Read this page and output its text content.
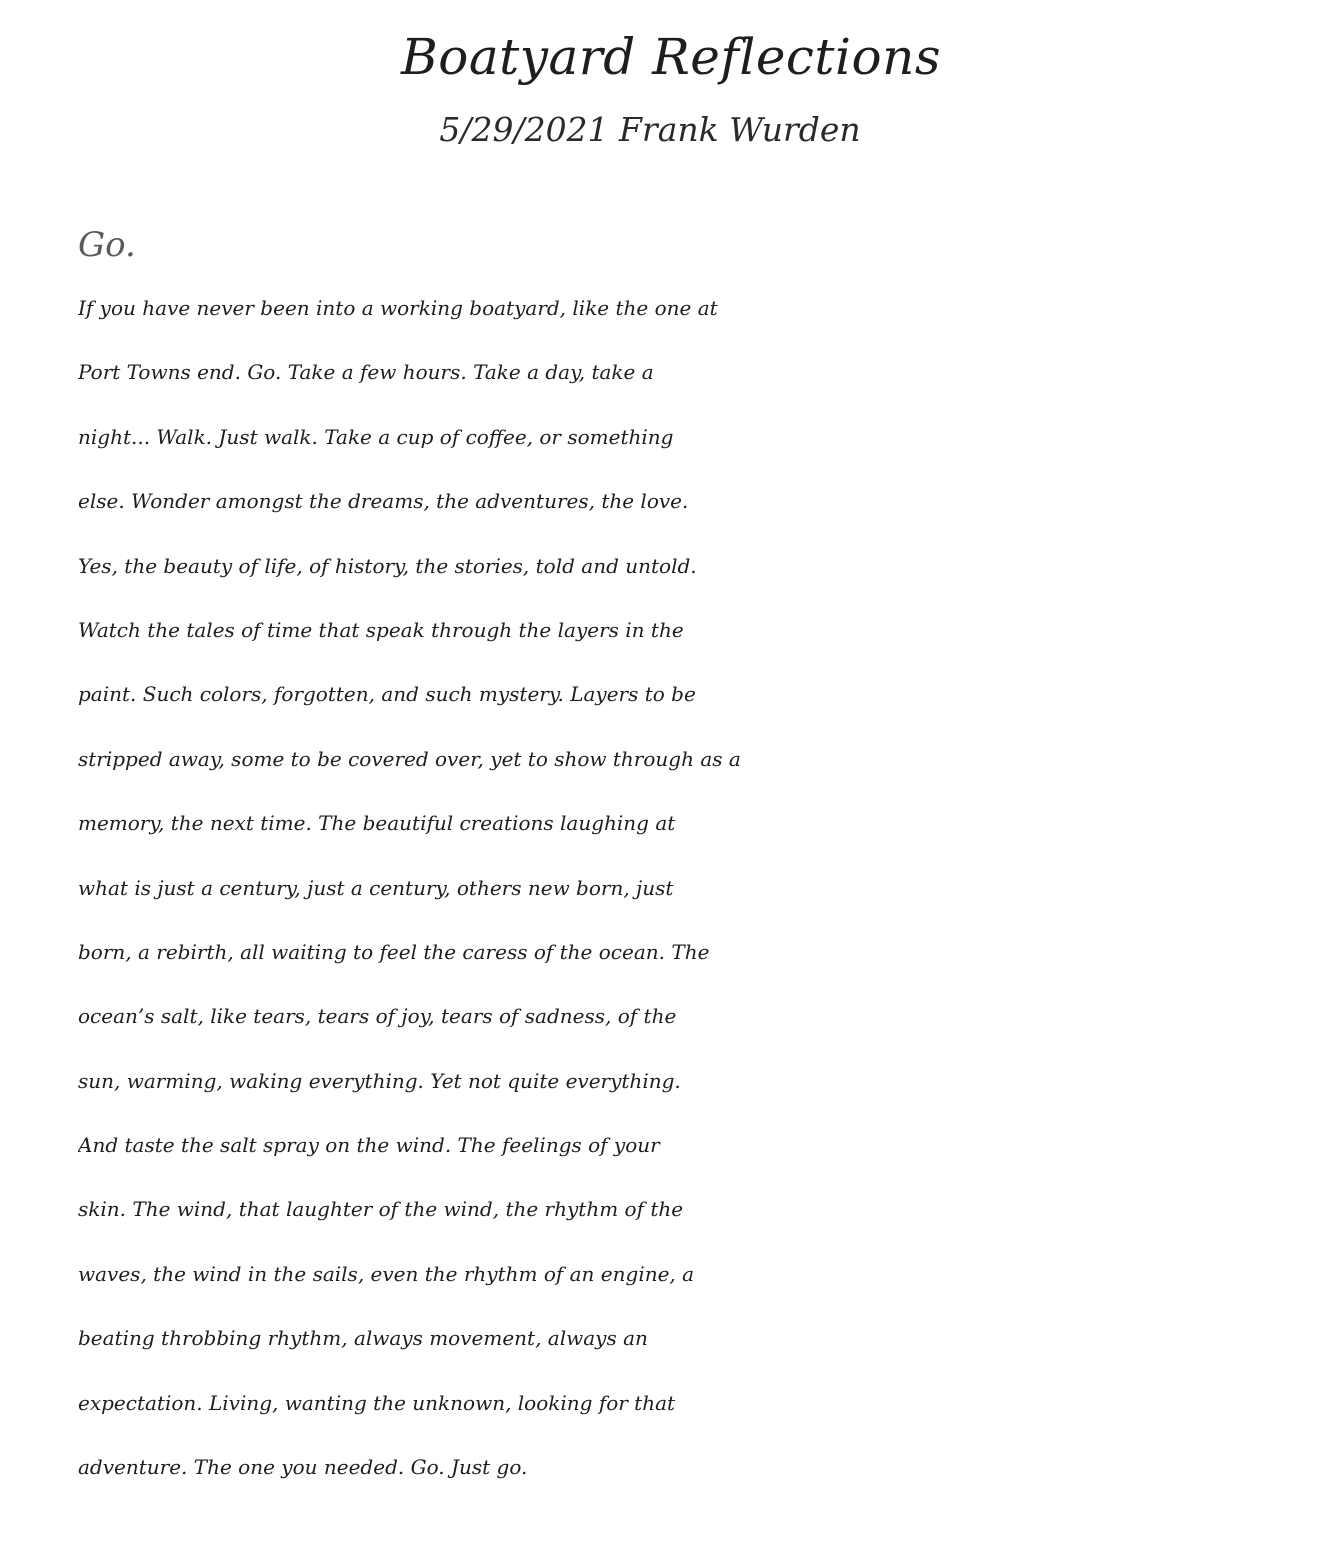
Boatyard Reflections
5/29/2021 Frank Wurden
Go.
If you have never been into a working boatyard, like the one at
Port Towns end. Go. Take a few hours. Take a day, take a
night... Walk. Just walk. Take a cup of coffee, or something
else. Wonder amongst the dreams, the adventures, the love.
Yes, the beauty of life, of history, the stories, told and untold.
Watch the tales of time that speak through the layers in the
paint. Such colors, forgotten, and such mystery. Layers to be
stripped away, some to be covered over, yet to show through as a
memory, the next time. The beautiful creations laughing at
what is just a century, just a century, others new born, just
born, a rebirth, all waiting to feel the caress of the ocean. The
ocean’s salt, like tears, tears of joy, tears of sadness, of the
sun, warming, waking everything. Yet not quite everything.
And taste the salt spray on the wind. The feelings of your
skin. The wind, that laughter of the wind, the rhythm of the
waves, the wind in the sails, even the rhythm of an engine, a
beating throbbing rhythm, always movement, always an
expectation. Living, wanting the unknown, looking for that
adventure. The one you needed. Go. Just go.
